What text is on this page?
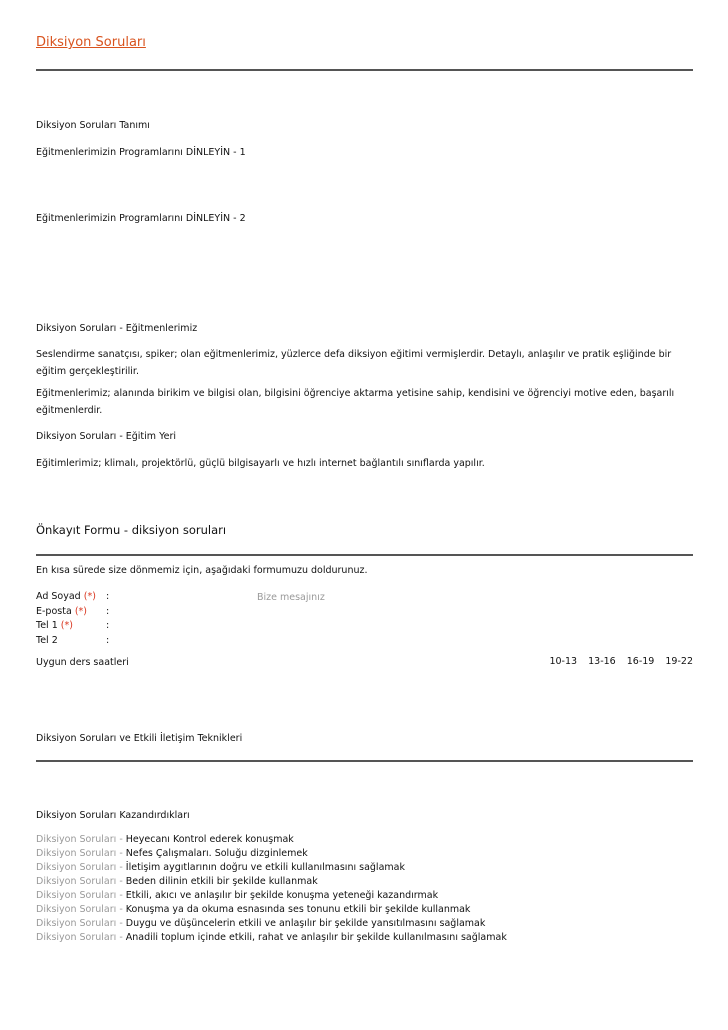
Diksiyon Soruları
Diksiyon Soruları Tanımı
Eğitmenlerimizin Programlarını DİNLEYİN - 1
Eğitmenlerimizin Programlarını DİNLEYİN - 2
Diksiyon Soruları - Eğitmenlerimiz
Seslendirme sanatçısı, spiker; olan eğitmenlerimiz, yüzlerce defa diksiyon eğitimi vermişlerdir. Detaylı, anlaşılır ve pratik eşliğinde bir eğitim gerçekleştirilir.
Eğitmenlerimiz; alanında birikim ve bilgisi olan, bilgisini öğrenciye aktarma yetisine sahip, kendisini ve öğrenciyi motive eden, başarılı eğitmenlerdir.
Diksiyon Soruları - Eğitim Yeri
Eğitimlerimiz; klimalı, projektörlü, güçlü bilgisayarlı ve hızlı internet bağlantılı sınıflarda yapılır.
Önkayıt Formu - diksiyon soruları
En kısa sürede size dönmemiz için, aşağıdaki formumuzu doldurunuz.
Ad Soyad (*) :	Bize mesajınız
E-posta (*) :
Tel 1 (*)	:
Tel 2	:
Uygun ders saatleri	10-13 13-16 16-19 19-22
Diksiyon Soruları ve Etkili İletişim Teknikleri
Diksiyon Soruları Kazandırdıkları
Diksiyon Soruları - Heyecanı Kontrol ederek konuşmak
Diksiyon Soruları - Nefes Çalışmaları. Soluğu dizginlemek
Diksiyon Soruları - İletişim aygıtlarının doğru ve etkili kullanılmasını sağlamak
Diksiyon Soruları - Beden dilinin etkili bir şekilde kullanmak
Diksiyon Soruları - Etkili, akıcı ve anlaşılır bir şekilde konuşma yeteneği kazandırmak
Diksiyon Soruları - Konuşma ya da okuma esnasında ses tonunu etkili bir şekilde kullanmak
Diksiyon Soruları - Duygu ve düşüncelerin etkili ve anlaşılır bir şekilde yansıtılmasını sağlamak
Diksiyon Soruları - Anadili toplum içinde etkili, rahat ve anlaşılır bir şekilde kullanılmasını sağlamak
